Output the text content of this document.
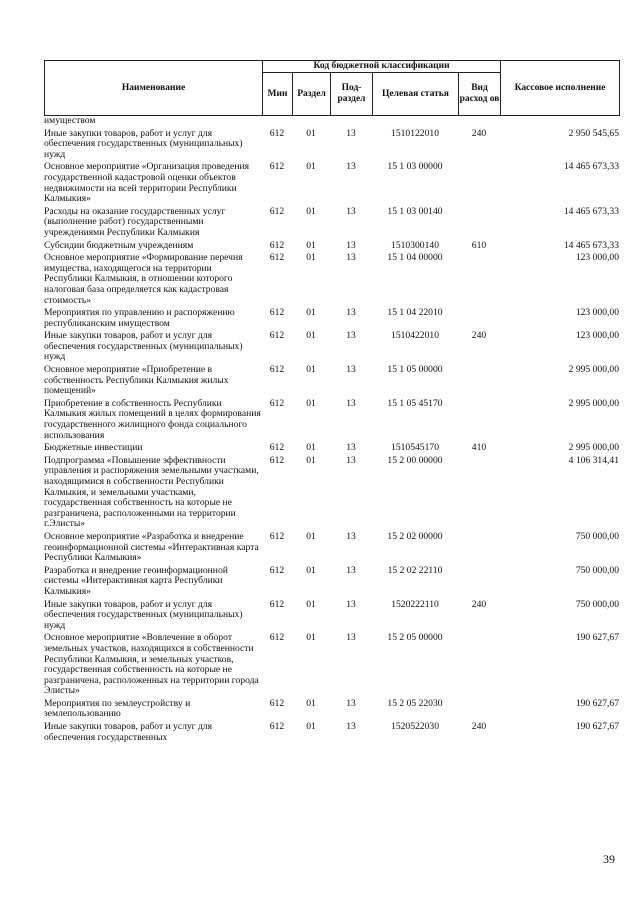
Наименование	Код бюджетной классификации					Кассовое исполнение
	Мин	Раздел	Под-раздел	Целевая статья	Вид расход ов	
имуществом						
Иные закупки товаров, работ и услуг для обеспечения государственных (муниципальных) нужд	612	01	13	1510122010	240	2 950 545,65
Основное мероприятие «Организация проведения государственной кадастровой оценки объектов недвижимости на всей территории Республики Калмыкия»	612	01	13	15 1 03 00000		14 465 673,33
Расходы на оказание государственных услуг (выполнение работ) государственными учреждениями Республики Калмыкия	612	01	13	15 1 03 00140		14 465 673,33
Субсидии бюджетным учреждениям	612	01	13	1510300140	610	14 465 673,33
Основное мероприятие «Формирование перечня имущества, находящегося на территории Республики Калмыкия, в отношении которого налоговая база определяется как кадастровая стоимость»	612	01	13	15 1 04 00000		123 000,00
Мероприятия по управлению и распоряжению республиканским имуществом	612	01	13	15 1 04 22010		123 000,00
Иные закупки товаров, работ и услуг для обеспечения государственных (муниципальных) нужд	612	01	13	1510422010	240	123 000,00
Основное мероприятие «Приобретение в собственность Республики Калмыкия жилых помещений»	612	01	13	15 1 05 00000		2 995 000,00
Приобретение в собственность Республики Калмыкия жилых помещений в целях формирования государственного жилищного фонда социального использования	612	01	13	15 1 05 45170		2 995 000,00
Бюджетные инвестиции	612	01	13	1510545170	410	2 995 000,00
Подпрограмма «Повышение эффективности управления и распоряжения земельными участками, находящимися в собственности Республики Калмыкия, и земельными участками, государственная собственность на которые не разграничена, расположенными на территории г.Элисты»	612	01	13	15 2 00 00000		4 106 314,41
Основное мероприятие «Разработка и внедрение геоинформационной системы «Интерактивная карта Республики Калмыкия»	612	01	13	15 2 02 00000		750 000,00
Разработка и внедрение геоинформационной системы «Интерактивная карта Республики Калмыкия»	612	01	13	15 2 02 22110		750 000,00
Иные закупки товаров, работ и услуг для обеспечения государственных (муниципальных) нужд	612	01	13	1520222110	240	750 000,00
Основное мероприятие «Вовлечение в оборот земельных участков, находящихся в собственности Республики Калмыкия, и земельных участков, государственная собственность на которые не разграничена, расположенных на территории города Элисты»	612	01	13	15 2 05 00000		190 627,67
Мероприятия по землеустройству и землепользованию	612	01	13	15 2 05 22030		190 627,67
Иные закупки товаров, работ и услуг для обеспечения государственных	612	01	13	1520522030	240	190 627,67
39
